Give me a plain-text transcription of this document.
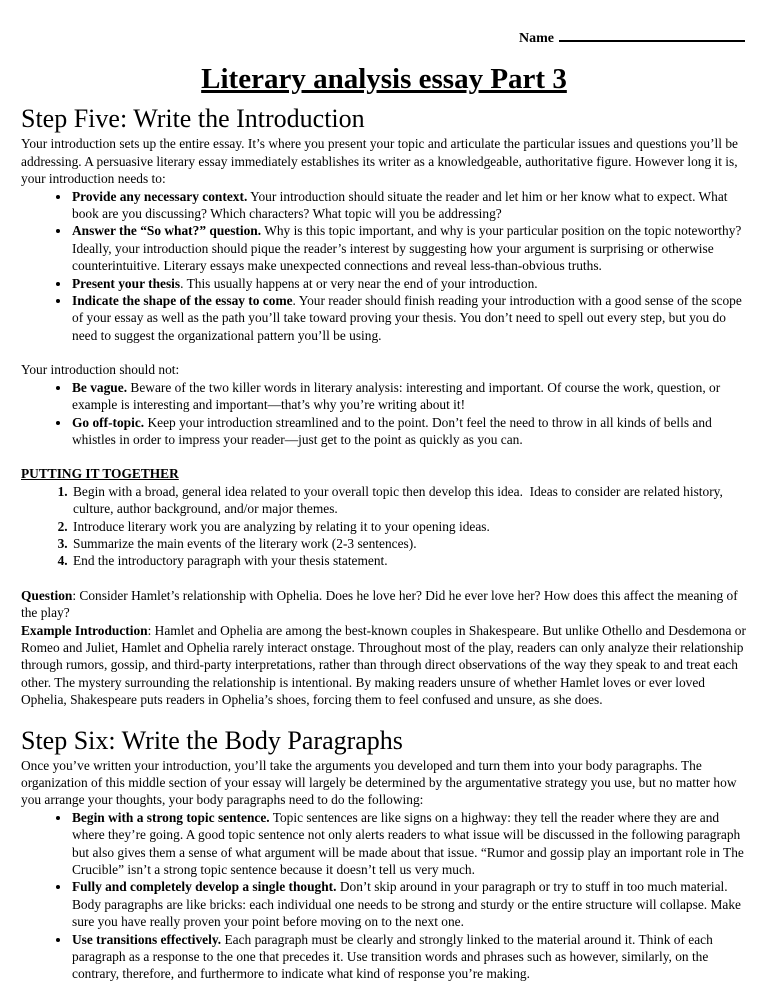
Name
Literary analysis essay Part 3
Step Five: Write the Introduction

Your introduction sets up the entire essay. It’s where you present your topic and articulate the particular issues and questions you’ll be addressing. A persuasive literary essay immediately establishes its writer as a knowledgeable, authoritative figure. However long it is, your introduction needs to:

• Provide any necessary context. Your introduction should situate the reader and let him or her know what to expect. What book are you discussing? Which characters? What topic will you be addressing?
• Answer the “So what?” question. Why is this topic important, and why is your particular position on the topic noteworthy? Ideally, your introduction should pique the reader’s interest by suggesting how your argument is surprising or otherwise counterintuitive. Literary essays make unexpected connections and reveal less-than-obvious truths.
• Present your thesis. This usually happens at or very near the end of your introduction.
• Indicate the shape of the essay to come. Your reader should finish reading your introduction with a good sense of the scope of your essay as well as the path you’ll take toward proving your thesis. You don’t need to spell out every step, but you do need to suggest the organizational pattern you’ll be using.

Your introduction should not:

• Be vague. Beware of the two killer words in literary analysis: interesting and important. Of course the work, question, or example is interesting and important—that’s why you’re writing about it!
• Go off-topic. Keep your introduction streamlined and to the point. Don’t feel the need to throw in all kinds of bells and whistles in order to impress your reader—just get to the point as quickly as you can.

PUTTING IT TOGETHER

1. Begin with a broad, general idea related to your overall topic then develop this idea.  Ideas to consider are related history, culture, author background, and/or major themes.
2. Introduce literary work you are analyzing by relating it to your opening ideas.
3. Summarize the main events of the literary work (2-3 sentences).
4. End the introductory paragraph with your thesis statement.

Question: Consider Hamlet’s relationship with Ophelia. Does he love her? Did he ever love her? How does this affect the meaning of the play?

Example Introduction: Hamlet and Ophelia are among the best-known couples in Shakespeare. But unlike Othello and Desdemona or Romeo and Juliet, Hamlet and Ophelia rarely interact onstage. Throughout most of the play, readers can only analyze their relationship through rumors, gossip, and third-party interpretations, rather than through direct observations of the way they speak to and treat each other. The mystery surrounding the relationship is intentional. By making readers unsure of whether Hamlet loves or ever loved Ophelia, Shakespeare puts readers in Ophelia’s shoes, forcing them to feel confused and unsure, as she does.

Step Six: Write the Body Paragraphs

Once you’ve written your introduction, you’ll take the arguments you developed and turn them into your body paragraphs. The organization of this middle section of your essay will largely be determined by the argumentative strategy you use, but no matter how you arrange your thoughts, your body paragraphs need to do the following:

• Begin with a strong topic sentence. Topic sentences are like signs on a highway: they tell the reader where they are and where they’re going. A good topic sentence not only alerts readers to what issue will be discussed in the following paragraph but also gives them a sense of what argument will be made about that issue. “Rumor and gossip play an important role in The Crucible” isn’t a strong topic sentence because it doesn’t tell us very much.
• Fully and completely develop a single thought. Don’t skip around in your paragraph or try to stuff in too much material. Body paragraphs are like bricks: each individual one needs to be strong and sturdy or the entire structure will collapse. Make sure you have really proven your point before moving on to the next one.
• Use transitions effectively. Each paragraph must be clearly and strongly linked to the material around it. Think of each paragraph as a response to the one that precedes it. Use transition words and phrases such as however, similarly, on the contrary, therefore, and furthermore to indicate what kind of response you’re making.
